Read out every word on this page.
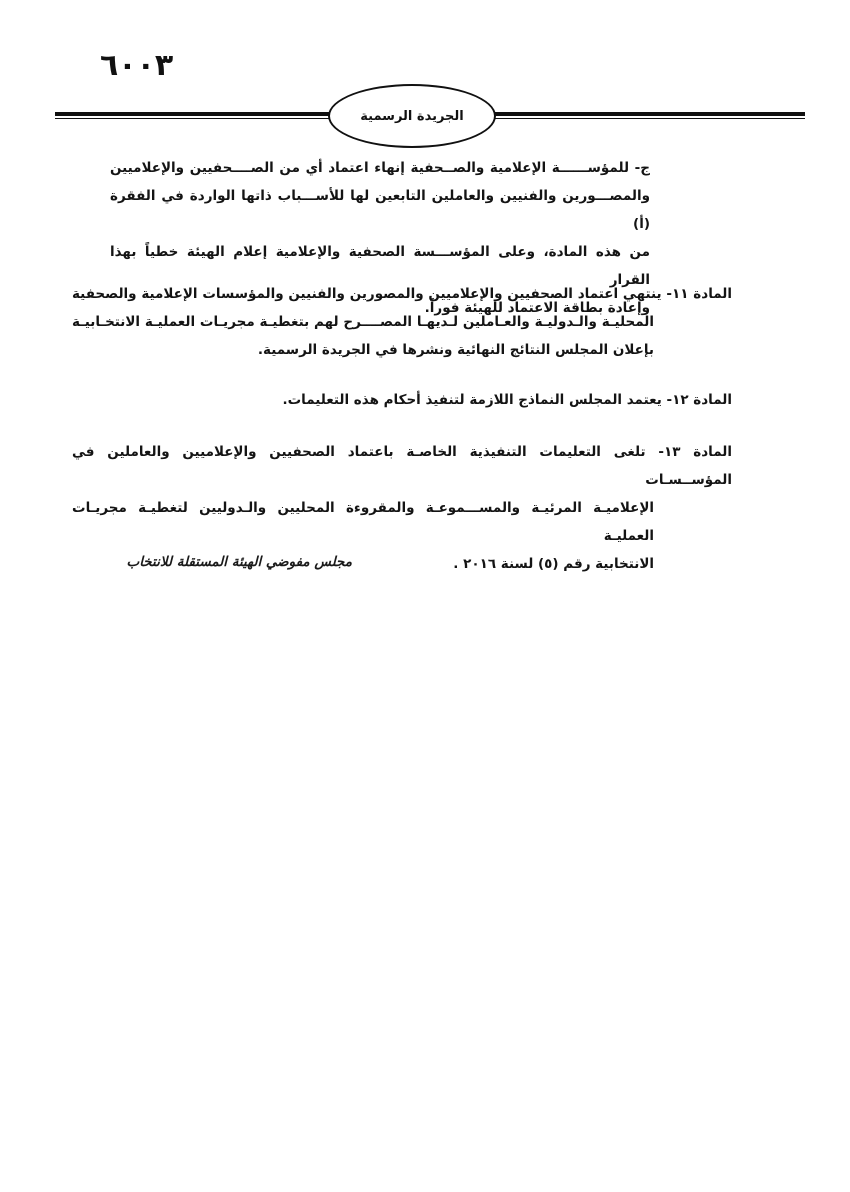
٦٠٠٣
الجريدة الرسمية
ج- للمؤســــــة الإعلامية والصــحفية إنهاء اعتماد أي من الصــــحفيين والإعلاميين
والمصـــورين والفنيين والعاملين التابعين لها للأســـباب ذاتها الواردة في الفقرة (أ)
من هذه المادة، وعلى المؤســـسة الصحفية والإعلامية إعلام الهيئة خطياً بهذا القرار
وإعادة بطاقة الاعتماد للهيئة فوراً.
المادة ١١- ينتهي اعتماد الصحفيين والإعلاميين والمصورين والفنيين والمؤسسات الإعلامية والصحفية
المحليـة والـدوليـة والعـاملين لـديهـا المصــــرح لهم بتغطيـة مجريـات العمليـة الانتخـابيـة
بإعلان المجلس النتائج النهائية ونشرها في الجريدة الرسمية.
المادة ١٢- يعتمد المجلس النماذج اللازمة لتنفيذ أحكام هذه التعليمات.
المادة ١٣- تلغى التعليمات التنفيذية الخاصـة باعتماد الصحفيين والإعلاميين والعاملين في المؤســسـات
الإعلاميـة المرئيـة والمســـموعـة والمقروءة المحليين والـدوليين لتغطيـة مجريـات العمليـة
الانتخابية رقم (٥) لسنة ٢٠١٦ .
مجلس مفوضي الهيئة المستقلة للانتخاب
